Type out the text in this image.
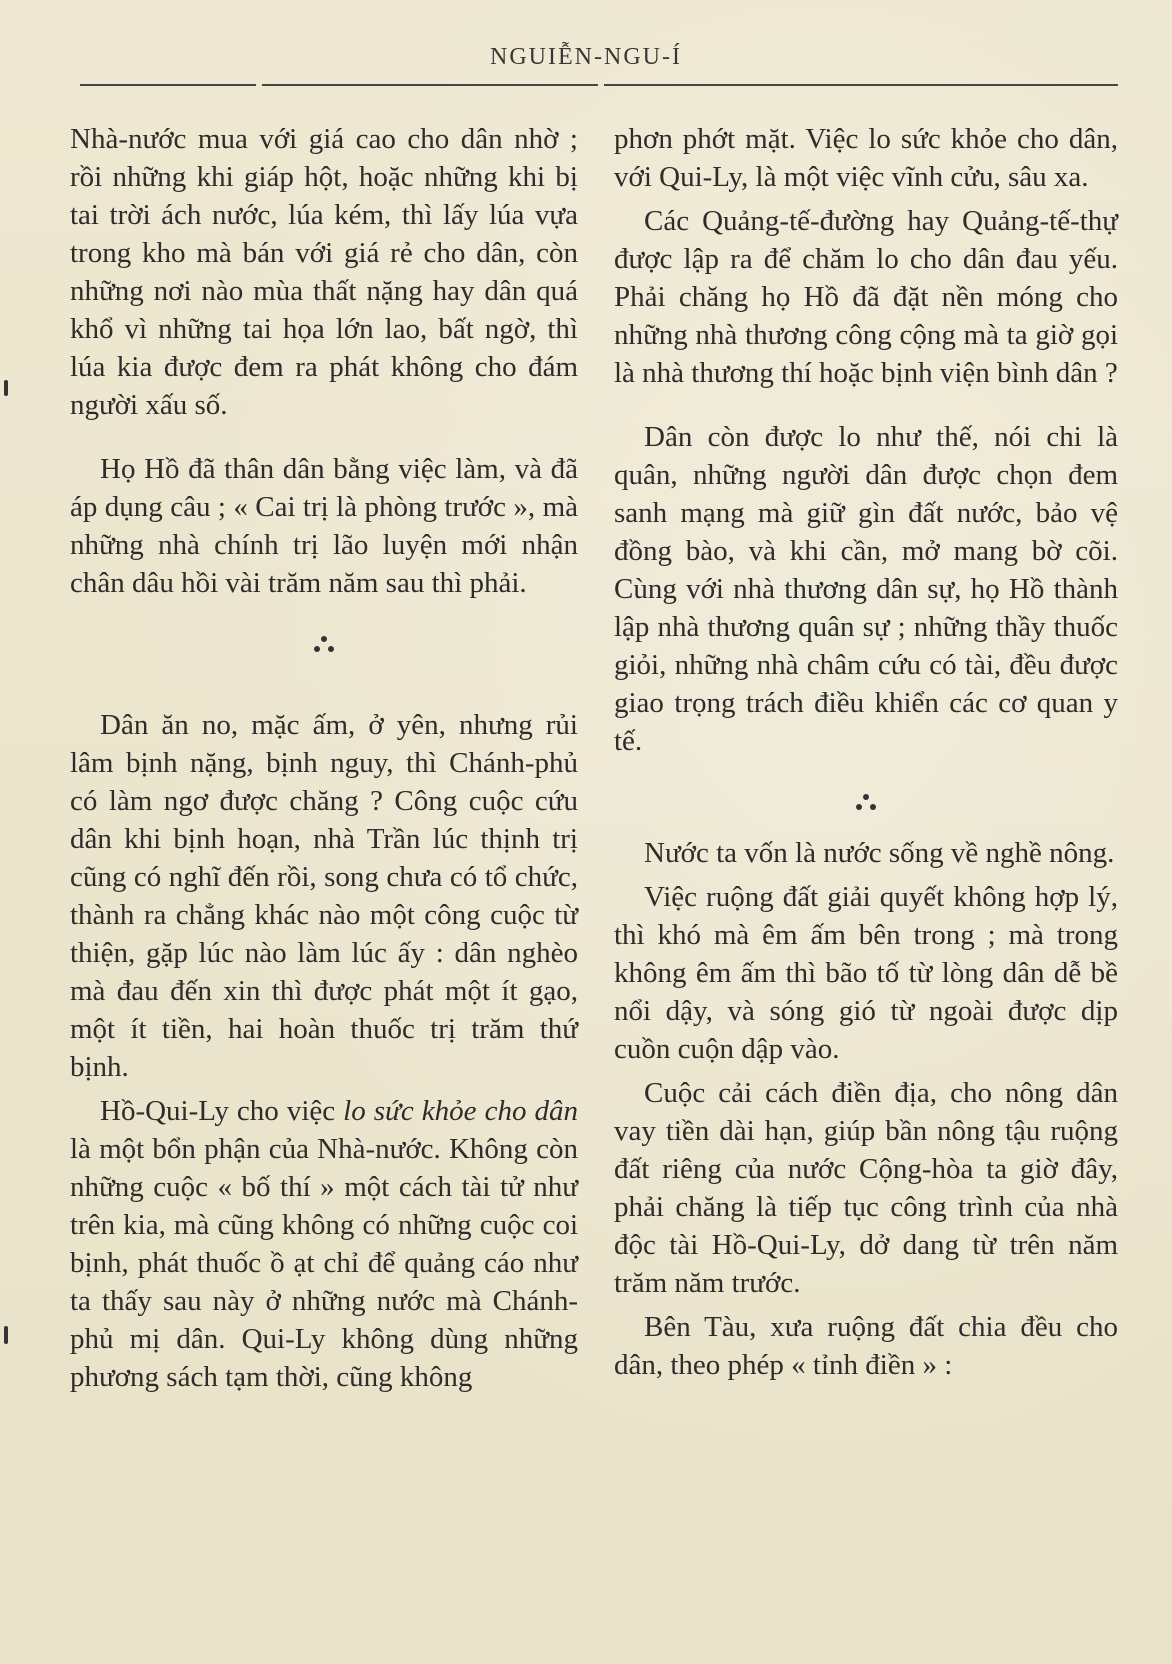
NGUIỄN-NGU-Í

Nhà-nước mua với giá cao cho dân nhờ ; rồi những khi giáp hột, hoặc những khi bị tai trời ách nước, lúa kém, thì lấy lúa vựa trong kho mà bán với giá rẻ cho dân, còn những nơi nào mùa thất nặng hay dân quá khổ vì những tai họa lớn lao, bất ngờ, thì lúa kia được đem ra phát không cho đám người xấu số.

Họ Hồ đã thân dân bằng việc làm, và đã áp dụng câu ; « Cai trị là phòng trước », mà những nhà chính trị lão luyện mới nhận chân dâu hồi vài trăm năm sau thì phải.

Dân ăn no, mặc ấm, ở yên, nhưng rủi lâm bịnh nặng, bịnh nguy, thì Chánh-phủ có làm ngơ được chăng ? Công cuộc cứu dân khi bịnh hoạn, nhà Trần lúc thịnh trị cũng có nghĩ đến rồi, song chưa có tổ chức, thành ra chẳng khác nào một công cuộc từ thiện, gặp lúc nào làm lúc ấy : dân nghèo mà đau đến xin thì được phát một ít gạo, một ít tiền, hai hoàn thuốc trị trăm thứ bịnh.

Hồ-Qui-Ly cho việc lo sức khỏe cho dân là một bổn phận của Nhà-nước. Không còn những cuộc « bố thí » một cách tài tử như trên kia, mà cũng không có những cuộc coi bịnh, phát thuốc ồ ạt chỉ để quảng cáo như ta thấy sau này ở những nước mà Chánh-phủ mị dân. Qui-Ly không dùng những phương sách tạm thời, cũng không

phơn phớt mặt. Việc lo sức khỏe cho dân, với Qui-Ly, là một việc vĩnh cửu, sâu xa.

Các Quảng-tế-đường hay Quảng-tế-thự được lập ra để chăm lo cho dân đau yếu. Phải chăng họ Hồ đã đặt nền móng cho những nhà thương công cộng mà ta giờ gọi là nhà thương thí hoặc bịnh viện bình dân ?

Dân còn được lo như thế, nói chi là quân, những người dân được chọn đem sanh mạng mà giữ gìn đất nước, bảo vệ đồng bào, và khi cần, mở mang bờ cõi. Cùng với nhà thương dân sự, họ Hồ thành lập nhà thương quân sự ; những thầy thuốc giỏi, những nhà châm cứu có tài, đều được giao trọng trách điều khiển các cơ quan y tế.

Nước ta vốn là nước sống về nghề nông.

Việc ruộng đất giải quyết không hợp lý, thì khó mà êm ấm bên trong ; mà trong không êm ấm thì bão tố từ lòng dân dễ bề nổi dậy, và sóng gió từ ngoài được dịp cuồn cuộn dập vào.

Cuộc cải cách điền địa, cho nông dân vay tiền dài hạn, giúp bần nông tậu ruộng đất riêng của nước Cộng-hòa ta giờ đây, phải chăng là tiếp tục công trình của nhà độc tài Hồ-Qui-Ly, dở dang từ trên năm trăm năm trước.

Bên Tàu, xưa ruộng đất chia đều cho dân, theo phép « tỉnh điền » :
